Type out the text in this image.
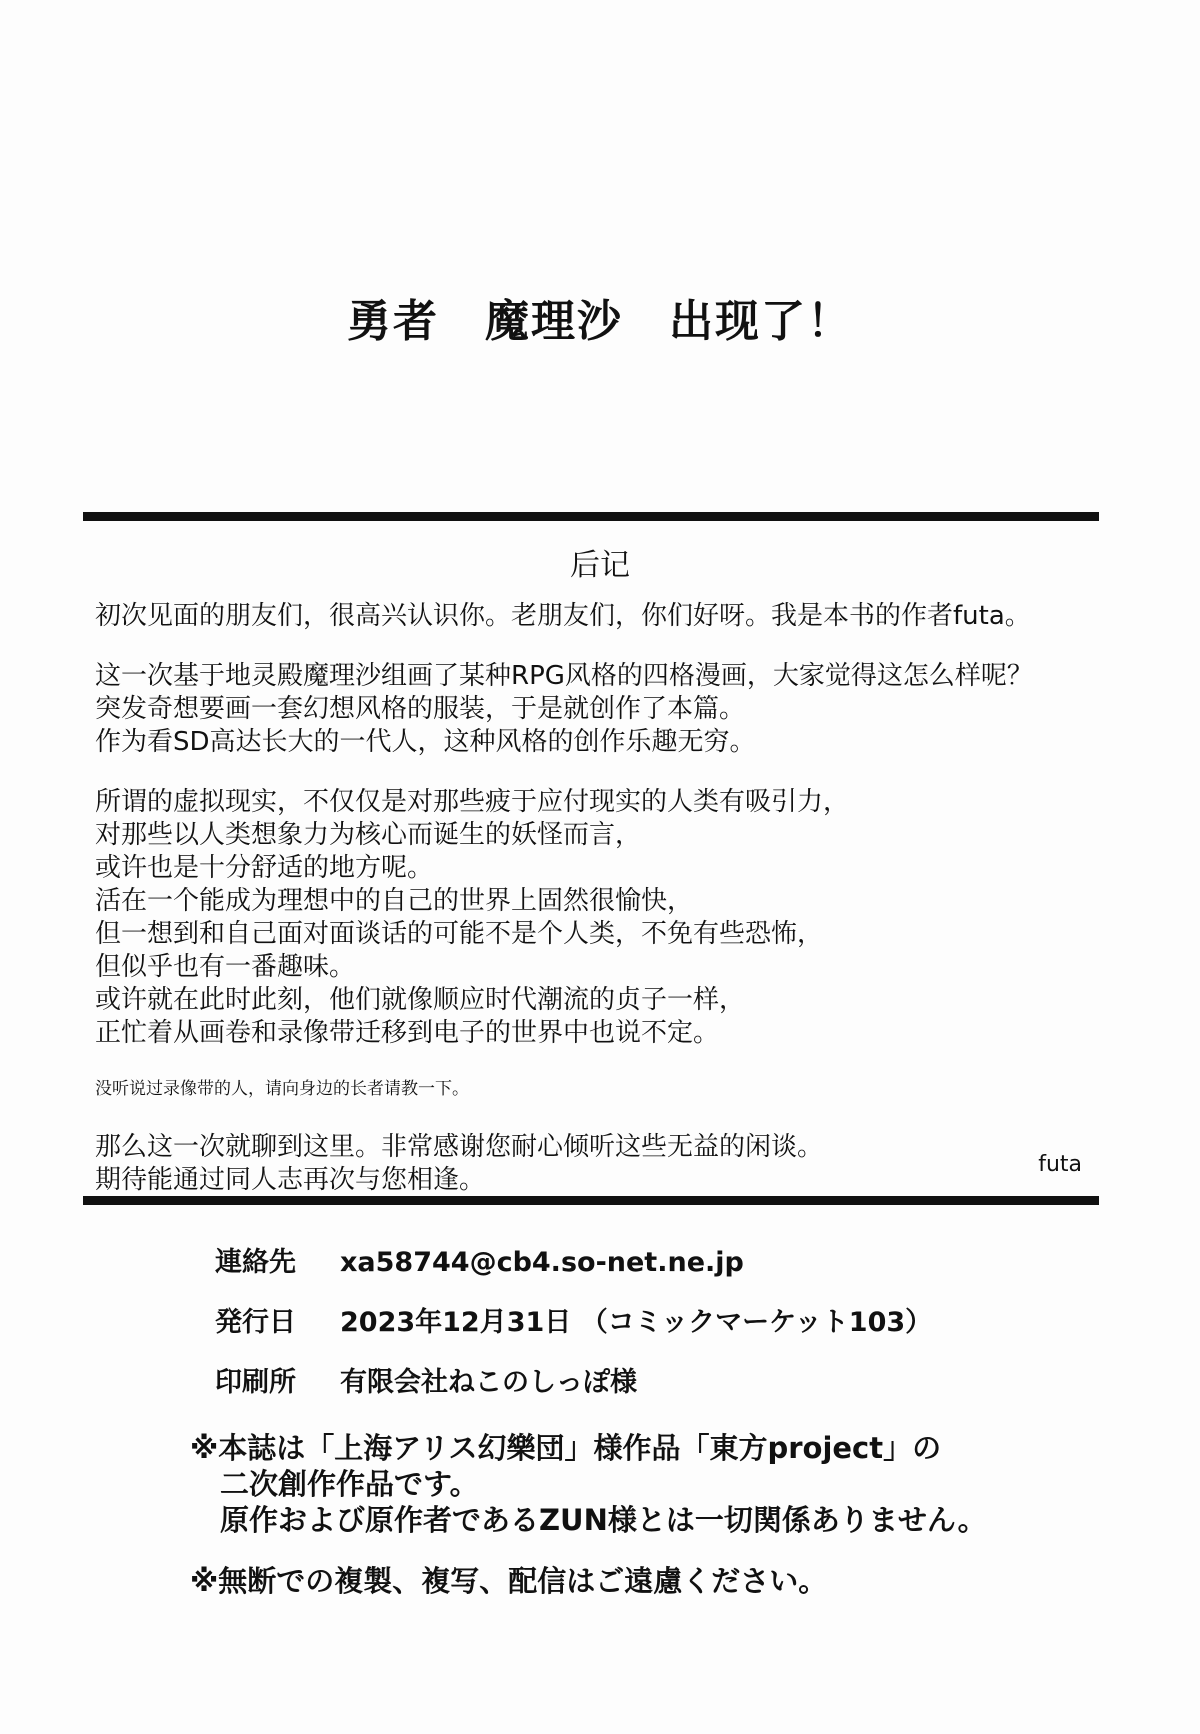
勇者　魔理沙　出现了！
后记
初次见面的朋友们，很高兴认识你。老朋友们，你们好呀。我是本书的作者futa。
这一次基于地灵殿魔理沙组画了某种RPG风格的四格漫画，大家觉得这怎么样呢？
突发奇想要画一套幻想风格的服装，于是就创作了本篇。
作为看SD高达长大的一代人，这种风格的创作乐趣无穷。
所谓的虚拟现实，不仅仅是对那些疲于应付现实的人类有吸引力，
对那些以人类想象力为核心而诞生的妖怪而言，
或许也是十分舒适的地方呢。
活在一个能成为理想中的自己的世界上固然很愉快，
但一想到和自己面对面谈话的可能不是个人类，不免有些恐怖，
但似乎也有一番趣味。
或许就在此时此刻，他们就像顺应时代潮流的贞子一样，
正忙着从画卷和录像带迁移到电子的世界中也说不定。
没听说过录像带的人，请向身边的长者请教一下。
那么这一次就聊到这里。非常感谢您耐心倾听这些无益的闲谈。
期待能通过同人志再次与您相逢。
futa
連絡先	xa58744@cb4.so-net.ne.jp
発行日	2023年12月31日 （コミックマーケット103）
印刷所	有限会社ねこのしっぽ様
※本誌は「上海アリス幻樂団」様作品「東方project」の
二次創作作品です。
原作および原作者であるZUN様とは一切関係ありません。
※無断での複製、複写、配信はご遠慮ください。
